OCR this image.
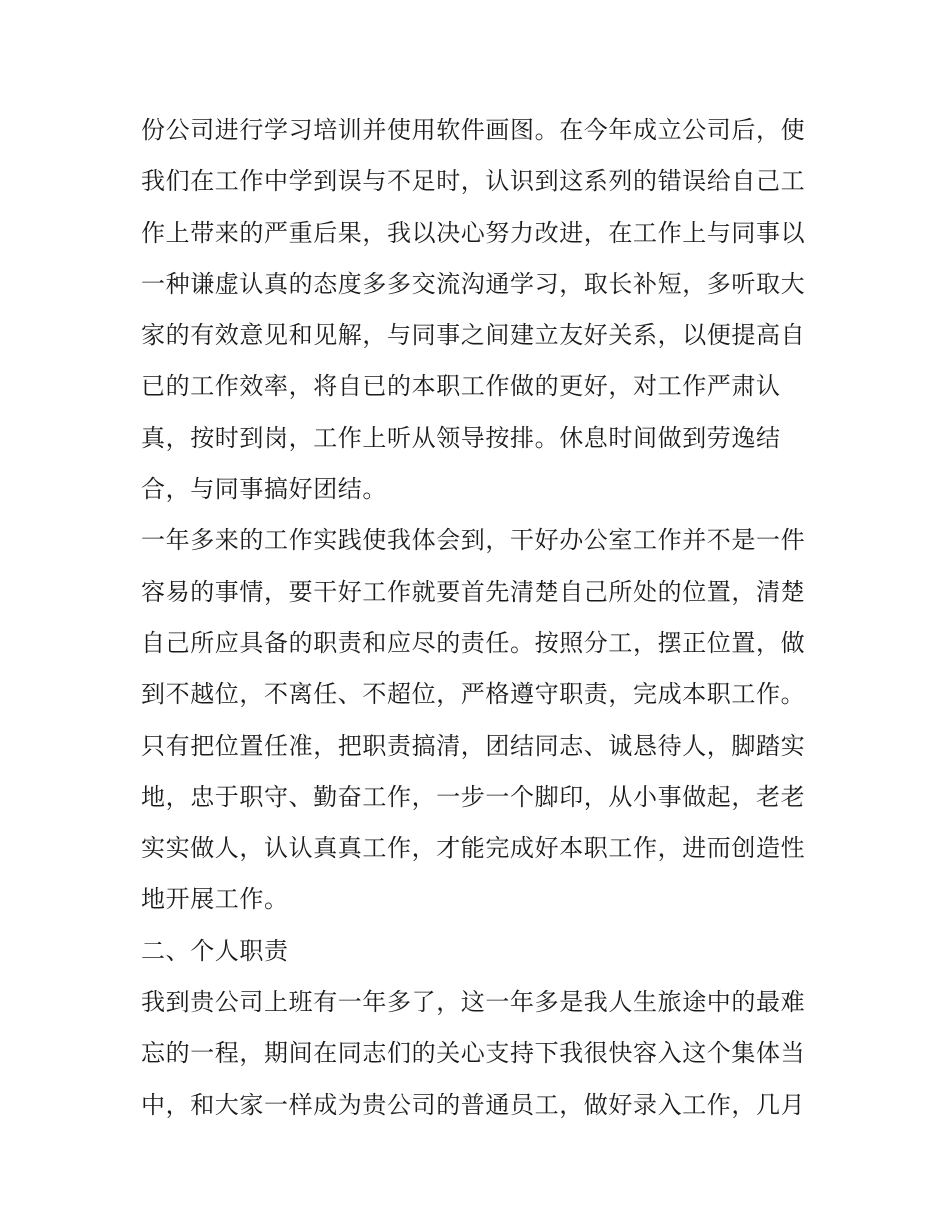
份公司进行学习培训并使用软件画图。在今年成立公司后，使
我们在工作中学到误与不足时，认识到这系列的错误给自己工
作上带来的严重后果，我以决心努力改进，在工作上与同事以
一种谦虚认真的态度多多交流沟通学习，取长补短，多听取大
家的有效意见和见解，与同事之间建立友好关系，以便提高自
已的工作效率，将自已的本职工作做的更好，对工作严肃认
真，按时到岗，工作上听从领导按排。休息时间做到劳逸结
合，与同事搞好团结。
一年多来的工作实践使我体会到，干好办公室工作并不是一件
容易的事情，要干好工作就要首先清楚自己所处的位置，清楚
自己所应具备的职责和应尽的责任。按照分工，摆正位置，做
到不越位，不离任、不超位，严格遵守职责，完成本职工作。
只有把位置任准，把职责搞清，团结同志、诚恳待人，脚踏实
地，忠于职守、勤奋工作，一步一个脚印，从小事做起，老老
实实做人，认认真真工作，才能完成好本职工作，进而创造性
地开展工作。
二、个人职责
我到贵公司上班有一年多了，这一年多是我人生旅途中的最难
忘的一程，期间在同志们的关心支持下我很快容入这个集体当
中，和大家一样成为贵公司的普通员工，做好录入工作，几月
